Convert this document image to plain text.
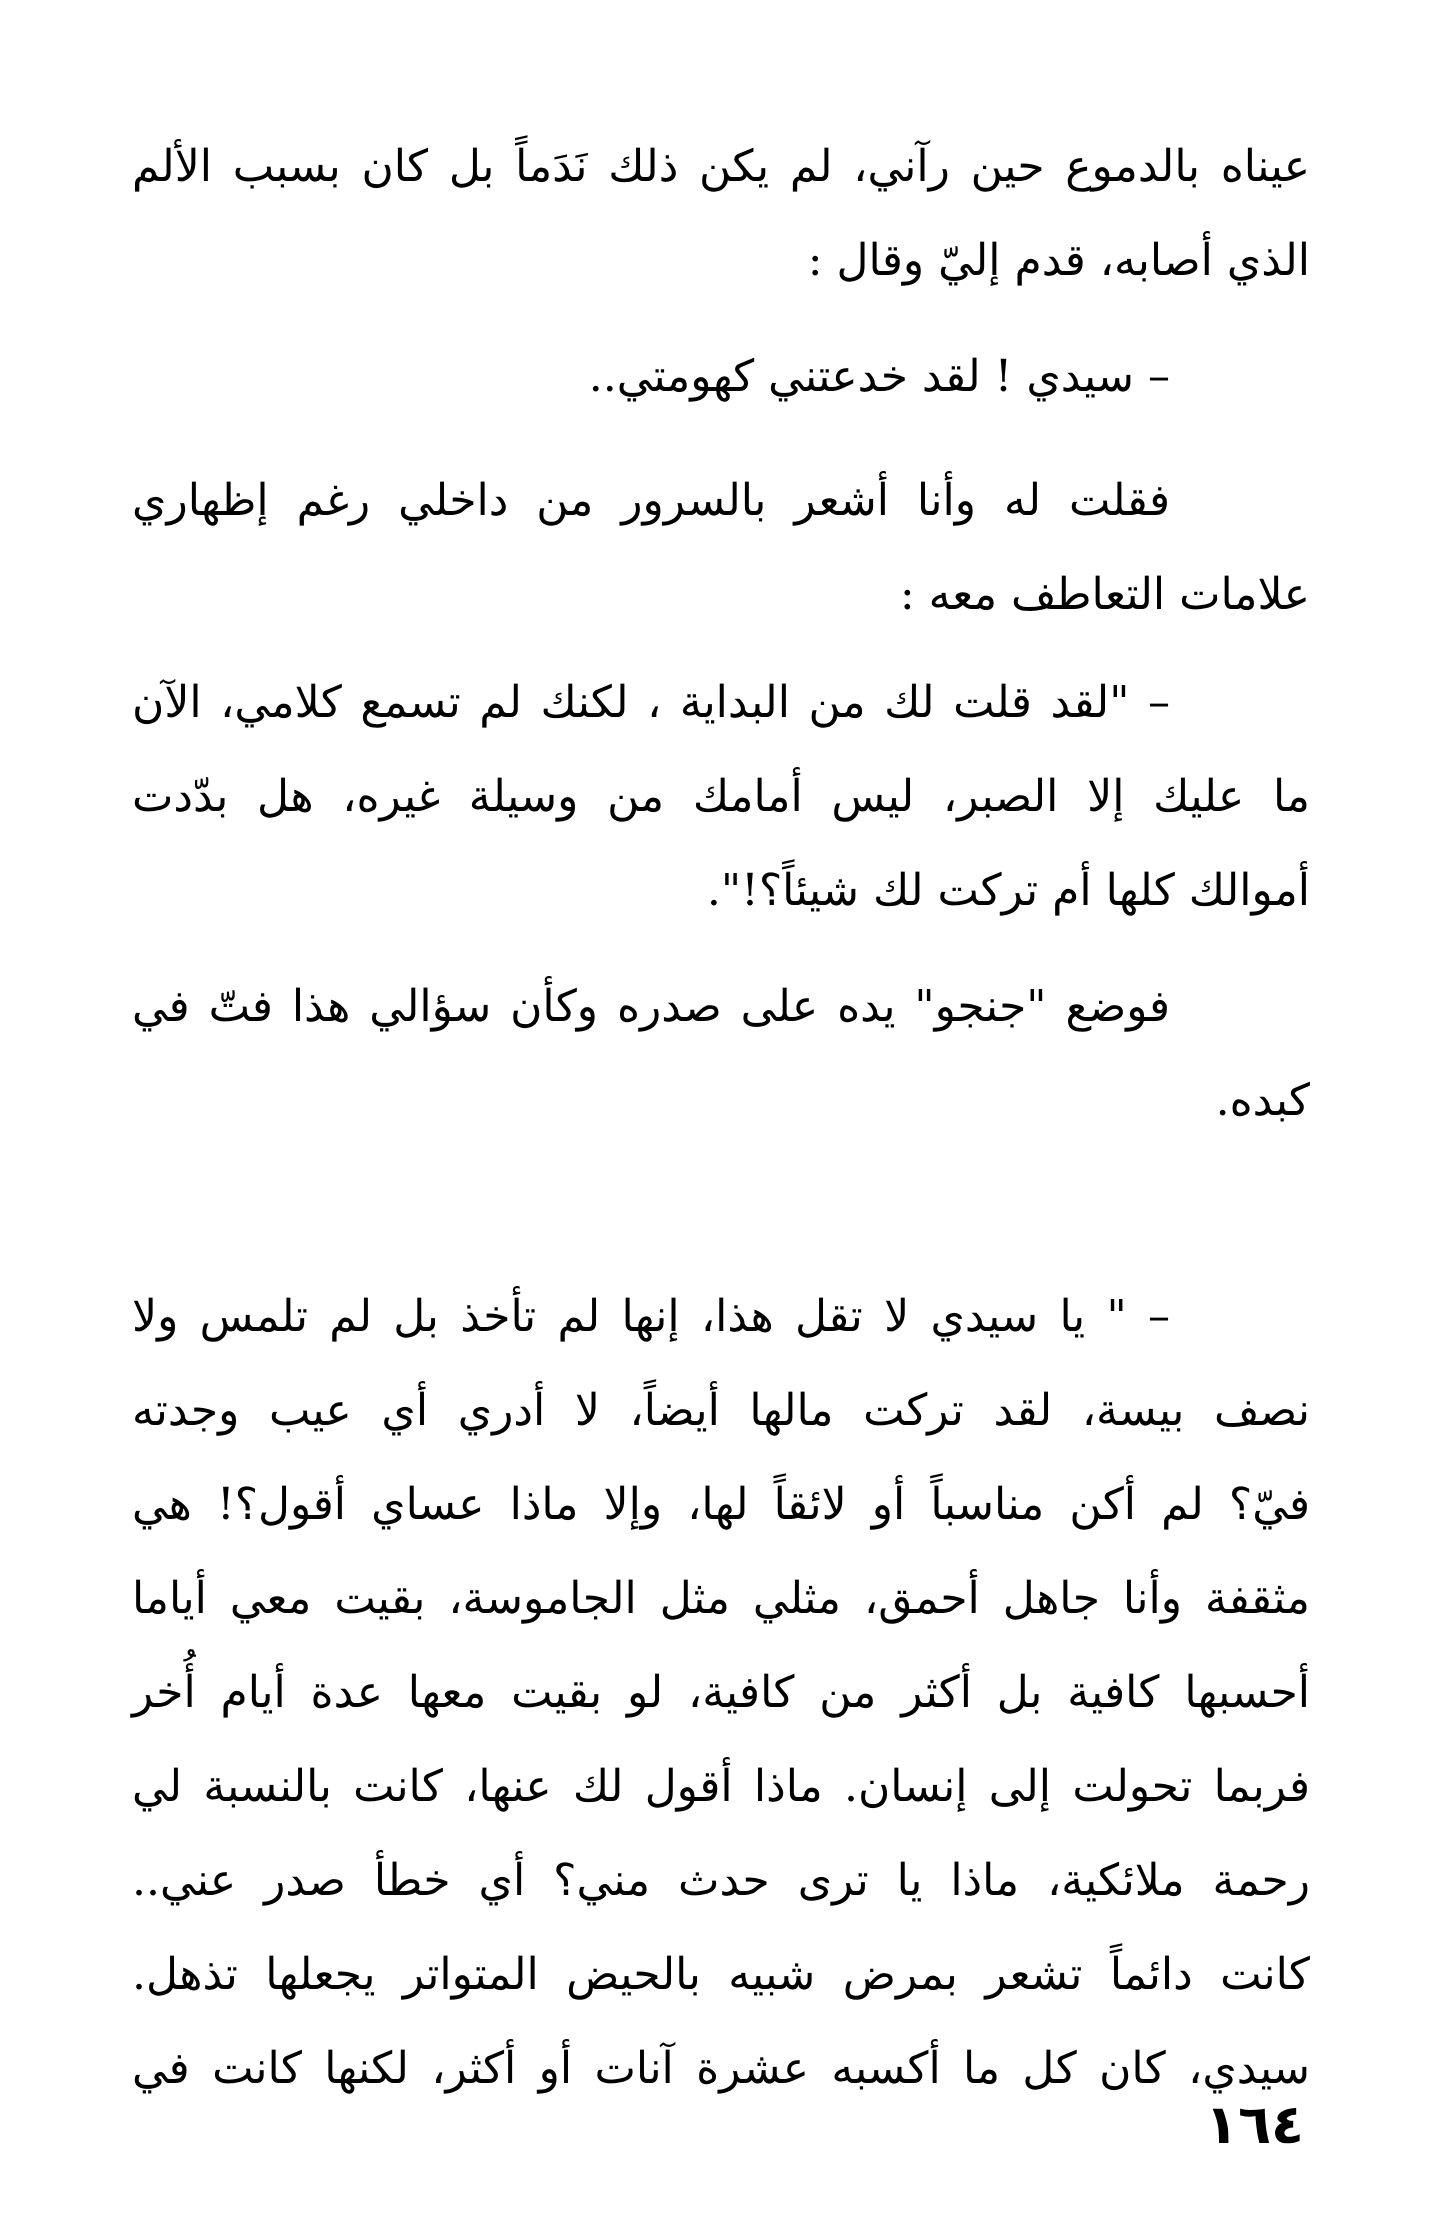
عيناه بالدموع حين رآني، لم يكن ذلك نَدَماً بل كان بسبب الألم
الذي أصابه، قدم إليّ وقال :
– سيدي ! لقد خدعتني كهومتي..
فقلت له وأنا أشعر بالسرور من داخلي رغم إظهاري
علامات التعاطف معه :
– "لقد قلت لك من البداية ، لكنك لم تسمع كلامي، الآن
ما عليك إلا الصبر، ليس أمامك من وسيلة غيره، هل بدّدت
أموالك كلها أم تركت لك شيئاً؟!".
فوضع "جنجو" يده على صدره وكأن سؤالي هذا فتّ في
كبده.
– " يا سيدي لا تقل هذا، إنها لم تأخذ بل لم تلمس ولا
نصف بيسة، لقد تركت مالها أيضاً، لا أدري أي عيب وجدته
فيّ؟ لم أكن مناسباً أو لائقاً لها، وإلا ماذا عساي أقول؟! هي
مثقفة وأنا جاهل أحمق، مثلي مثل الجاموسة، بقيت معي أياما
أحسبها كافية بل أكثر من كافية، لو بقيت معها عدة أيام أُخر
فربما تحولت إلى إنسان. ماذا أقول لك عنها، كانت بالنسبة لي
رحمة ملائكية، ماذا يا ترى حدث مني؟ أي خطأ صدر عني..
كانت دائماً تشعر بمرض شبيه بالحيض المتواتر يجعلها تذهل.
سيدي، كان كل ما أكسبه عشرة آنات أو أكثر، لكنها كانت في
١٦٤
